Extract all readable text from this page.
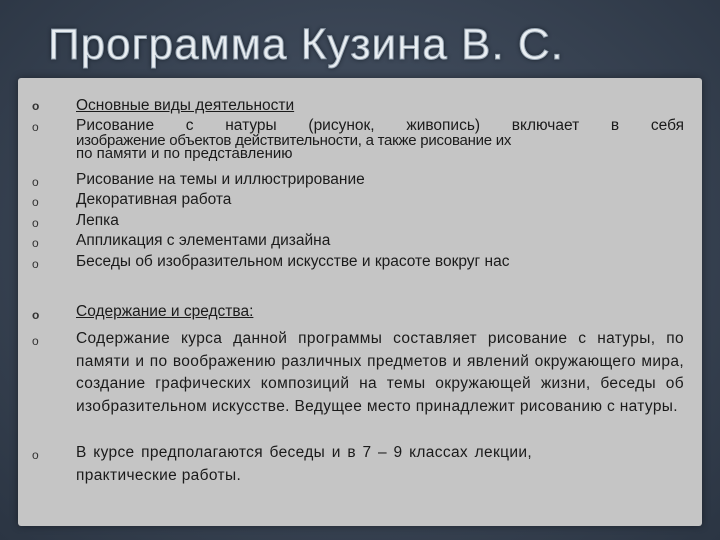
Программа Кузина В. С.
o Основные виды деятельности
o Рисование с натуры (рисунок, живопись) включает в себя
изображение объектов действительности, а также рисование их
по памяти и по представлению
o Рисование на темы и иллюстрирование
o Декоративная работа
o Лепка
o Аппликация с элементами дизайна
o Беседы об изобразительном искусстве и красоте вокруг нас
o Содержание и средства:
o Содержание курса данной программы составляет рисование с натуры, по памяти и по воображению различных предметов и явлений окружающего мира, создание графических композиций на темы окружающей жизни, беседы об изобразительном искусстве. Ведущее место принадлежит рисованию с натуры.
o В курсе предполагаются беседы и в 7 – 9 классах лекции, практические работы.
